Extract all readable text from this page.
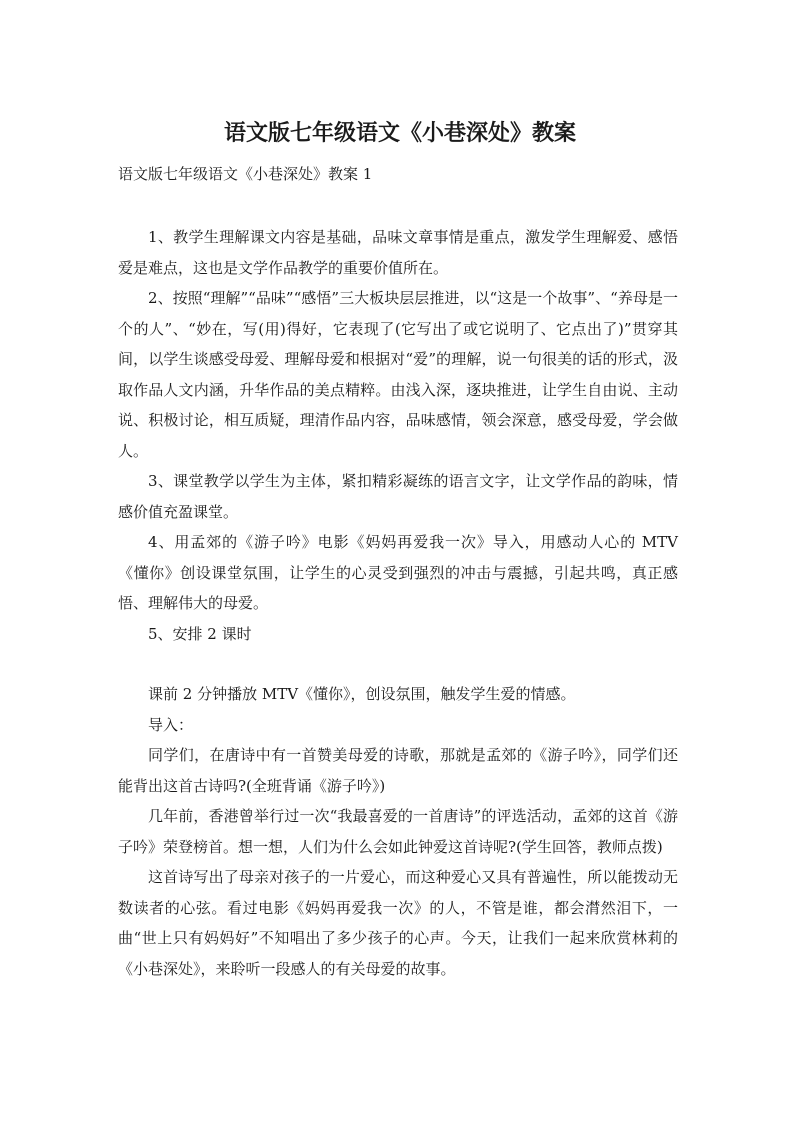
语文版七年级语文《小巷深处》教案

语文版七年级语文《小巷深处》教案 1

1、教学生理解课文内容是基础，品味文章事情是重点，激发学生理解爱、感悟爱是难点，这也是文学作品教学的重要价值所在。

2、按照“理解”“品味”“感悟”三大板块层层推进，以“这是一个故事”、“养母是一个的人”、“妙在，写(用)得好，它表现了(它写出了或它说明了、它点出了)”贯穿其间，以学生谈感受母爱、理解母爱和根据对“爱”的理解，说一句很美的话的形式，汲取作品人文内涵，升华作品的美点精粹。由浅入深，逐块推进，让学生自由说、主动说、积极讨论，相互质疑，理清作品内容，品味感情，领会深意，感受母爱，学会做人。

3、课堂教学以学生为主体，紧扣精彩凝练的语言文字，让文学作品的韵味，情感价值充盈课堂。

4、用孟郊的《游子吟》电影《妈妈再爱我一次》导入，用感动人心的 MTV《懂你》创设课堂氛围，让学生的心灵受到强烈的冲击与震撼，引起共鸣，真正感悟、理解伟大的母爱。

5、安排 2 课时

课前 2 分钟播放 MTV《懂你》，创设氛围，触发学生爱的情感。

导入：

同学们，在唐诗中有一首赞美母爱的诗歌，那就是孟郊的《游子吟》，同学们还能背出这首古诗吗?(全班背诵《游子吟》)

几年前，香港曾举行过一次“我最喜爱的一首唐诗”的评选活动，孟郊的这首《游子吟》荣登榜首。想一想，人们为什么会如此钟爱这首诗呢?(学生回答，教师点拨)

这首诗写出了母亲对孩子的一片爱心，而这种爱心又具有普遍性，所以能拨动无数读者的心弦。看过电影《妈妈再爱我一次》的人，不管是谁，都会潸然泪下，一曲“世上只有妈妈好”不知唱出了多少孩子的心声。今天，让我们一起来欣赏林莉的《小巷深处》，来聆听一段感人的有关母爱的故事。
